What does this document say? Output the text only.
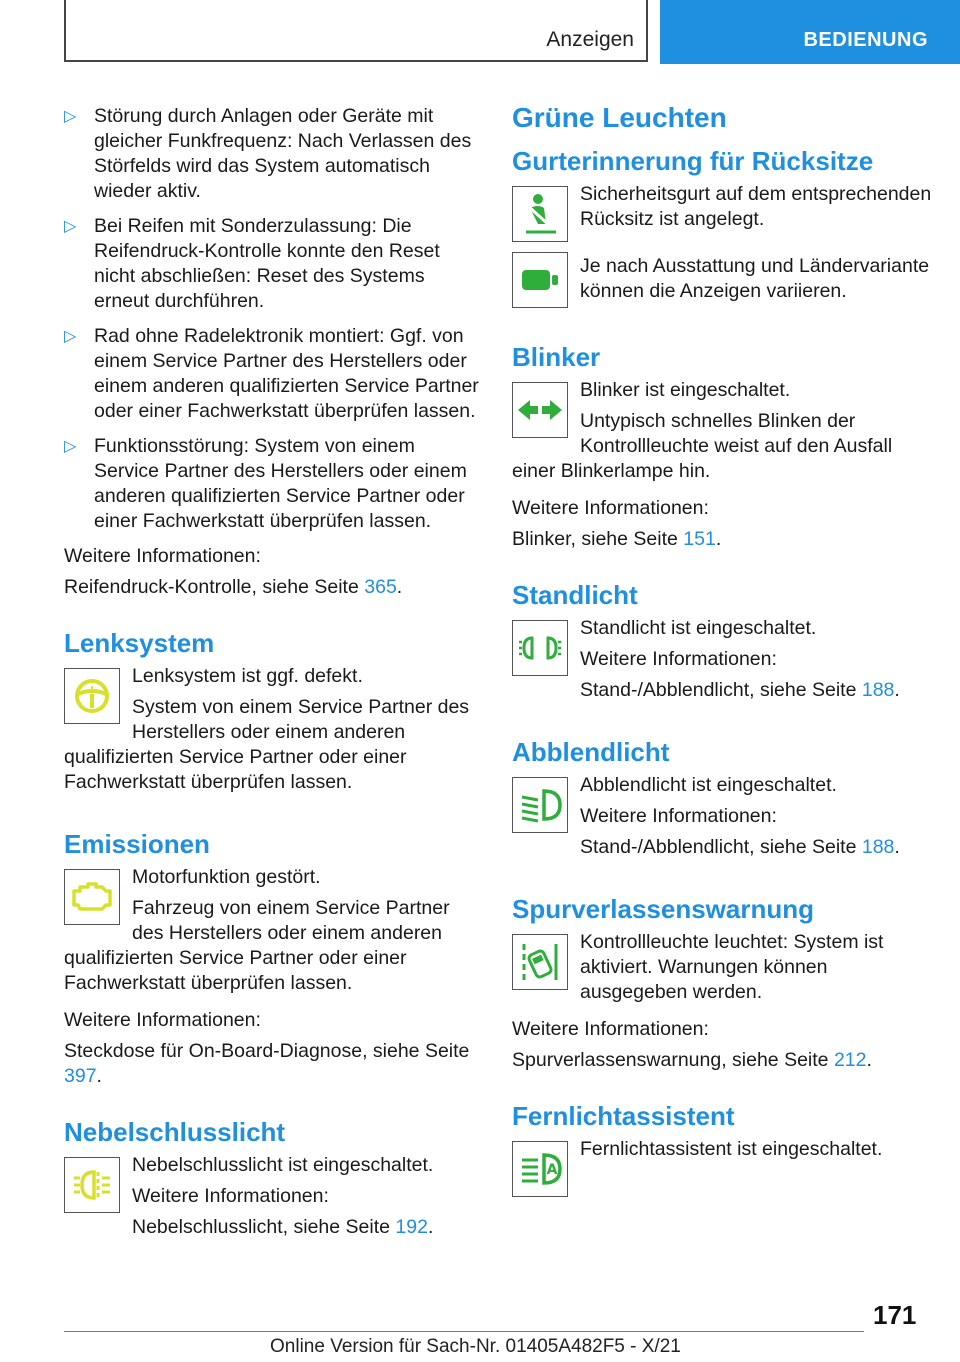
Anzeigen	BEDIENUNG
▷ Störung durch Anlagen oder Geräte mit gleicher Funkfrequenz: Nach Verlassen des Störfelds wird das System automatisch wieder aktiv.
▷ Bei Reifen mit Sonderzulassung: Die Reifendruck-Kontrolle konnte den Reset nicht abschließen: Reset des Systems erneut durchführen.
▷ Rad ohne Radelektronik montiert: Ggf. von einem Service Partner des Herstellers oder einem anderen qualifizierten Service Partner oder einer Fachwerkstatt überprüfen lassen.
▷ Funktionsstörung: System von einem Service Partner des Herstellers oder einem anderen qualifizierten Service Partner oder einer Fachwerkstatt überprüfen lassen.

Weitere Informationen:

Reifendruck-Kontrolle, siehe Seite 365.

Lenksystem
!

Lenksystem ist ggf. defekt.

System von einem Service Partner des Herstellers oder einem anderen qualifizierten Service Partner oder einer Fachwerkstatt überprüfen lassen.

Emissionen

Motorfunktion gestört.

Fahrzeug von einem Service Partner des Herstellers oder einem anderen qualifizierten Service Partner oder einer Fachwerkstatt überprüfen lassen.

Weitere Informationen:

Steckdose für On-Board-Diagnose, siehe Seite 397.

Nebelschlusslicht

Nebelschlusslicht ist eingeschaltet.

Weitere Informationen:

Nebelschlusslicht, siehe Seite 192.

Grüne Leuchten
Gurterinnerung für Rücksitze

Sicherheitsgurt auf dem entsprechenden Rücksitz ist angelegt.

Je nach Ausstattung und Ländervariante können die Anzeigen variieren.

Blinker

Blinker ist eingeschaltet.

Untypisch schnelles Blinken der Kontrollleuchte weist auf den Ausfall einer Blinkerlampe hin.

Weitere Informationen:

Blinker, siehe Seite 151.

Standlicht

Standlicht ist eingeschaltet.

Weitere Informationen:

Stand-/Abblendlicht, siehe Seite 188.

Abblendlicht

Abblendlicht ist eingeschaltet.

Weitere Informationen:

Stand-/Abblendlicht, siehe Seite 188.

Spurverlassenswarnung

Kontrollleuchte leuchtet: System ist aktiviert. Warnungen können ausgegeben werden.

Weitere Informationen:

Spurverlassenswarnung, siehe Seite 212.

Fernlichtassistent
A

Fernlichtassistent ist eingeschaltet.

171
Online Version für Sach-Nr. 01405A482F5 - X/21
